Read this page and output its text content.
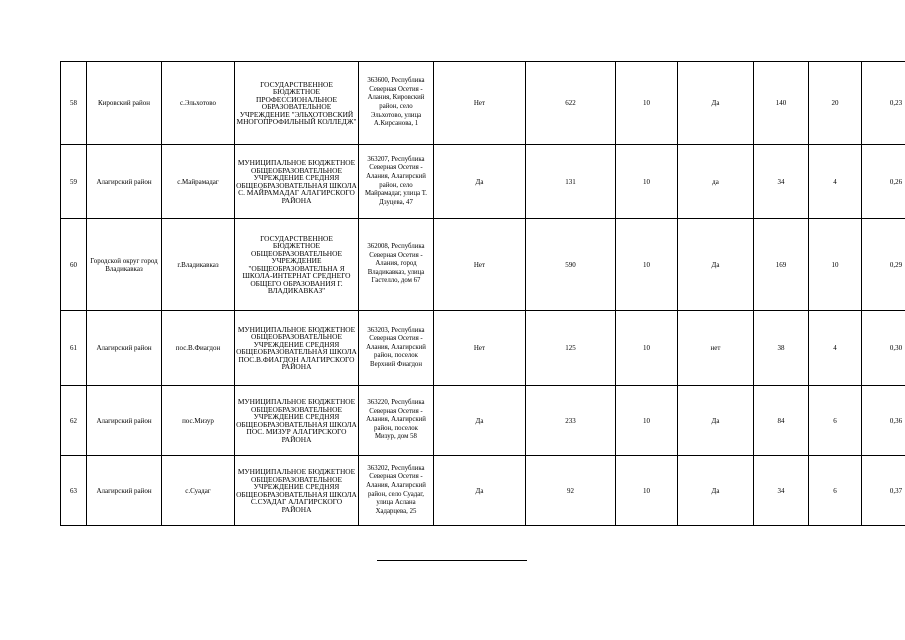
58	Кировский район	с.Эльхотово	ГОСУДАРСТВЕННОЕ БЮДЖЕТНОЕ ПРОФЕССИОНАЛЬНОЕ ОБРАЗОВАТЕЛЬНОЕ УЧРЕЖДЕНИЕ "ЭЛЬХОТОВСКИЙ МНОГОПРОФИЛЬНЫЙ КОЛЛЕДЖ"	363600, Республика Северная Осетия - Алания, Кировский район, село Эльхотово, улица А.Кирсанова, 1	Нет	622	10	Да	140	20	0,23
59	Алагирский район	с.Майрамадаг	МУНИЦИПАЛЬНОЕ БЮДЖЕТНОЕ ОБЩЕОБРАЗОВАТЕЛЬНОЕ УЧРЕЖДЕНИЕ СРЕДНЯЯ ОБЩЕОБРАЗОВАТЕЛЬНАЯ ШКОЛА С. МАЙРАМАДАГ АЛАГИРСКОГО РАЙОНА	363207, Республика Северная Осетия - Алания, Алагирский район, село Майрамадаг, улица Т. Дзуцева, 47	Да	131	10	да	34	4	0,26
60	Городской округ город Владикавказ	г.Владикавказ	ГОСУДАРСТВЕННОЕ БЮДЖЕТНОЕ ОБЩЕОБРАЗОВАТЕЛЬНОЕ УЧРЕЖДЕНИЕ "ОБЩЕОБРАЗОВАТЕЛЬНА Я ШКОЛА-ИНТЕРНАТ СРЕДНЕГО ОБЩЕГО ОБРАЗОВАНИЯ Г. ВЛАДИКАВКАЗ"	362008, Республика Северная Осетия - Алания, город Владикавказ, улица Гастелло, дом 67	Нет	590	10	Да	169	10	0,29
61	Алагирский район	пос.В.Фиагдон	МУНИЦИПАЛЬНОЕ БЮДЖЕТНОЕ ОБЩЕОБРАЗОВАТЕЛЬНОЕ УЧРЕЖДЕНИЕ СРЕДНЯЯ ОБЩЕОБРАЗОВАТЕЛЬНАЯ ШКОЛА ПОС.В.ФИАГДОН АЛАГИРСКОГО РАЙОНА	363203, Республика Северная Осетия - Алания, Алагирский район, поселок Верхний Фиагдон	Нет	125	10	нет	38	4	0,30
62	Алагирский район	пос.Мизур	МУНИЦИПАЛЬНОЕ БЮДЖЕТНОЕ ОБЩЕОБРАЗОВАТЕЛЬНОЕ УЧРЕЖДЕНИЕ СРЕДНЯЯ ОБЩЕОБРАЗОВАТЕЛЬНАЯ ШКОЛА ПОС. МИЗУР АЛАГИРСКОГО РАЙОНА	363220, Республика Северная Осетия - Алания, Алагирский район, поселок Мизур, дом 58	Да	233	10	Да	84	6	0,36
63	Алагирский район	с.Суадаг	МУНИЦИПАЛЬНОЕ БЮДЖЕТНОЕ ОБЩЕОБРАЗОВАТЕЛЬНОЕ УЧРЕЖДЕНИЕ СРЕДНЯЯ ОБЩЕОБРАЗОВАТЕЛЬНАЯ ШКОЛА С.СУАДАГ АЛАГИРСКОГО РАЙОНА	363202, Республика Северная Осетия - Алания, Алагирский район, село Суадаг, улица Аслана Хадарцева, 25	Да	92	10	Да	34	6	0,37
